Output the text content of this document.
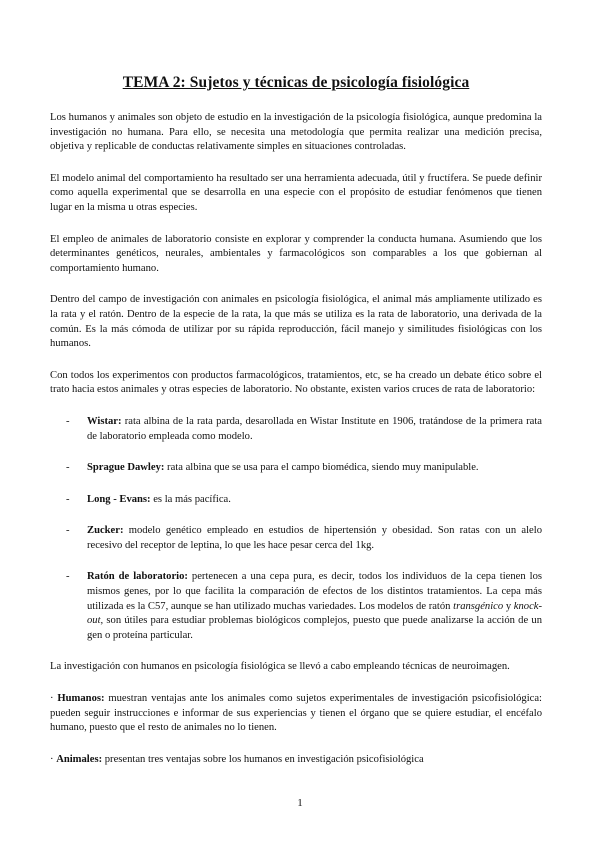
TEMA 2: Sujetos y técnicas de psicología fisiológica

Los humanos y animales son objeto de estudio en la investigación de la psicología fisiológica, aunque predomina la investigación no humana. Para ello, se necesita una metodología que permita realizar una medición precisa, objetiva y replicable de conductas relativamente simples en situaciones controladas.

El modelo animal del comportamiento ha resultado ser una herramienta adecuada, útil y fructífera. Se puede definir como aquella experimental que se desarrolla en una especie con el propósito de estudiar fenómenos que tienen lugar en la misma u otras especies.

El empleo de animales de laboratorio consiste en explorar y comprender la conducta humana. Asumiendo que los determinantes genéticos, neurales, ambientales y farmacológicos son comparables a los que gobiernan al comportamiento humano.

Dentro del campo de investigación con animales en psicología fisiológica, el animal más ampliamente utilizado es la rata y el ratón. Dentro de la especie de la rata, la que más se utiliza es la rata de laboratorio, una derivada de la común. Es la más cómoda de utilizar por su rápida reproducción, fácil manejo y similitudes fisiológicas con los humanos.

Con todos los experimentos con productos farmacológicos, tratamientos, etc, se ha creado un debate ético sobre el trato hacia estos animales y otras especies de laboratorio. No obstante, existen varios cruces de rata de laboratorio:

- Wistar: rata albina de la rata parda, desarollada en Wistar Institute en 1906, tratándose de la primera rata de laboratorio empleada como modelo.
- Sprague Dawley: rata albina que se usa para el campo biomédica, siendo muy manipulable.
- Long - Evans: es la más pacífica.
- Zucker: modelo genético empleado en estudios de hipertensión y obesidad. Son ratas con un alelo recesivo del receptor de leptina, lo que les hace pesar cerca del 1kg.
- Ratón de laboratorio: pertenecen a una cepa pura, es decir, todos los individuos de la cepa tienen los mismos genes, por lo que facilita la comparación de efectos de los distintos tratamientos. La cepa más utilizada es la C57, aunque se han utilizado muchas variedades. Los modelos de ratón transgénico y knock-out, son útiles para estudiar problemas biológicos complejos, puesto que puede analizarse la acción de un gen o proteína particular.

La investigación con humanos en psicología fisiológica se llevó a cabo empleando técnicas de neuroimagen.

· Humanos: muestran ventajas ante los animales como sujetos experimentales de investigación psicofisiológica: pueden seguir instrucciones e informar de sus experiencias y tienen el órgano que se quiere estudiar, el encéfalo humano, puesto que el resto de animales no lo tienen.

· Animales: presentan tres ventajas sobre los humanos en investigación psicofisiológica

1
